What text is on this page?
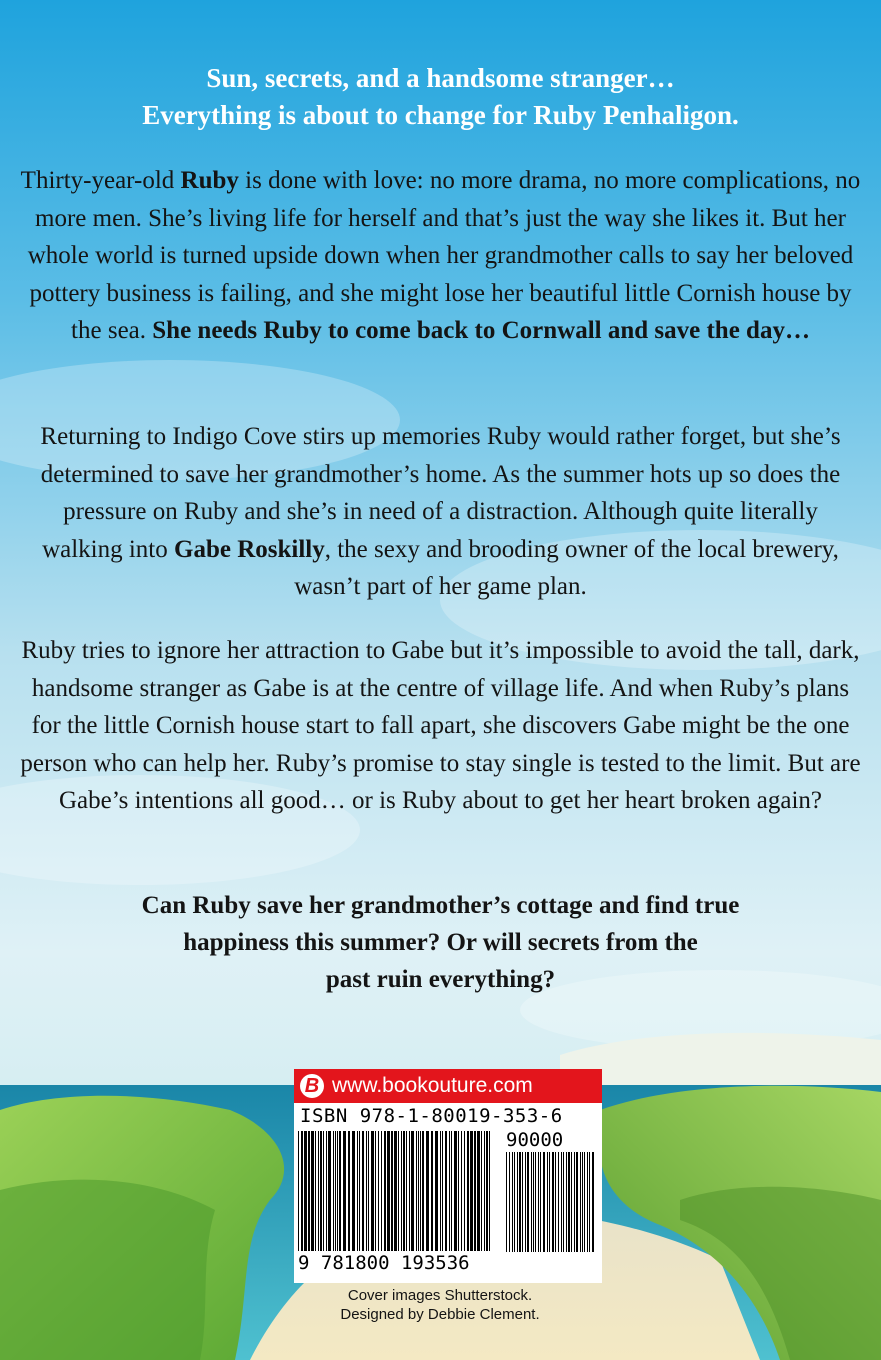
Sun, secrets, and a handsome stranger…
Everything is about to change for Ruby Penhaligon.
Thirty-year-old Ruby is done with love: no more drama, no more complications, no more men. She’s living life for herself and that’s just the way she likes it. But her whole world is turned upside down when her grandmother calls to say her beloved pottery business is failing, and she might lose her beautiful little Cornish house by the sea. She needs Ruby to come back to Cornwall and save the day…
Returning to Indigo Cove stirs up memories Ruby would rather forget, but she’s determined to save her grandmother’s home. As the summer hots up so does the pressure on Ruby and she’s in need of a distraction. Although quite literally walking into Gabe Roskilly, the sexy and brooding owner of the local brewery, wasn’t part of her game plan.
Ruby tries to ignore her attraction to Gabe but it’s impossible to avoid the tall, dark, handsome stranger as Gabe is at the centre of village life. And when Ruby’s plans for the little Cornish house start to fall apart, she discovers Gabe might be the one person who can help her. Ruby’s promise to stay single is tested to the limit. But are Gabe’s intentions all good… or is Ruby about to get her heart broken again?
Can Ruby save her grandmother’s cottage and find true
happiness this summer? Or will secrets from the
past ruin everything?
B www.bookouture.com
ISBN 978-1-80019-353-6
90000
9 781800 193536
Cover images Shutterstock.
Designed by Debbie Clement.
